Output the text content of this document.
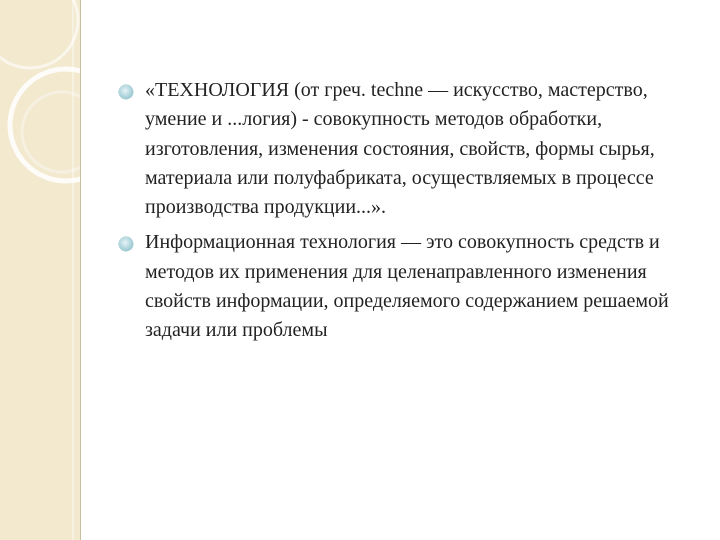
«ТЕХНОЛОГИЯ (от греч. techne — искусство, мастерство, умение и ...логия) - совокупность методов обработки, изготовления, изменения состояния, свойств, формы сырья, материала или полуфабриката, осуществляемых в процессе производства продукции...».
Информационная технология — это совокупность средств и методов их применения для целенаправленного изменения свойств информации, определяемого содержанием решаемой задачи или проблемы
